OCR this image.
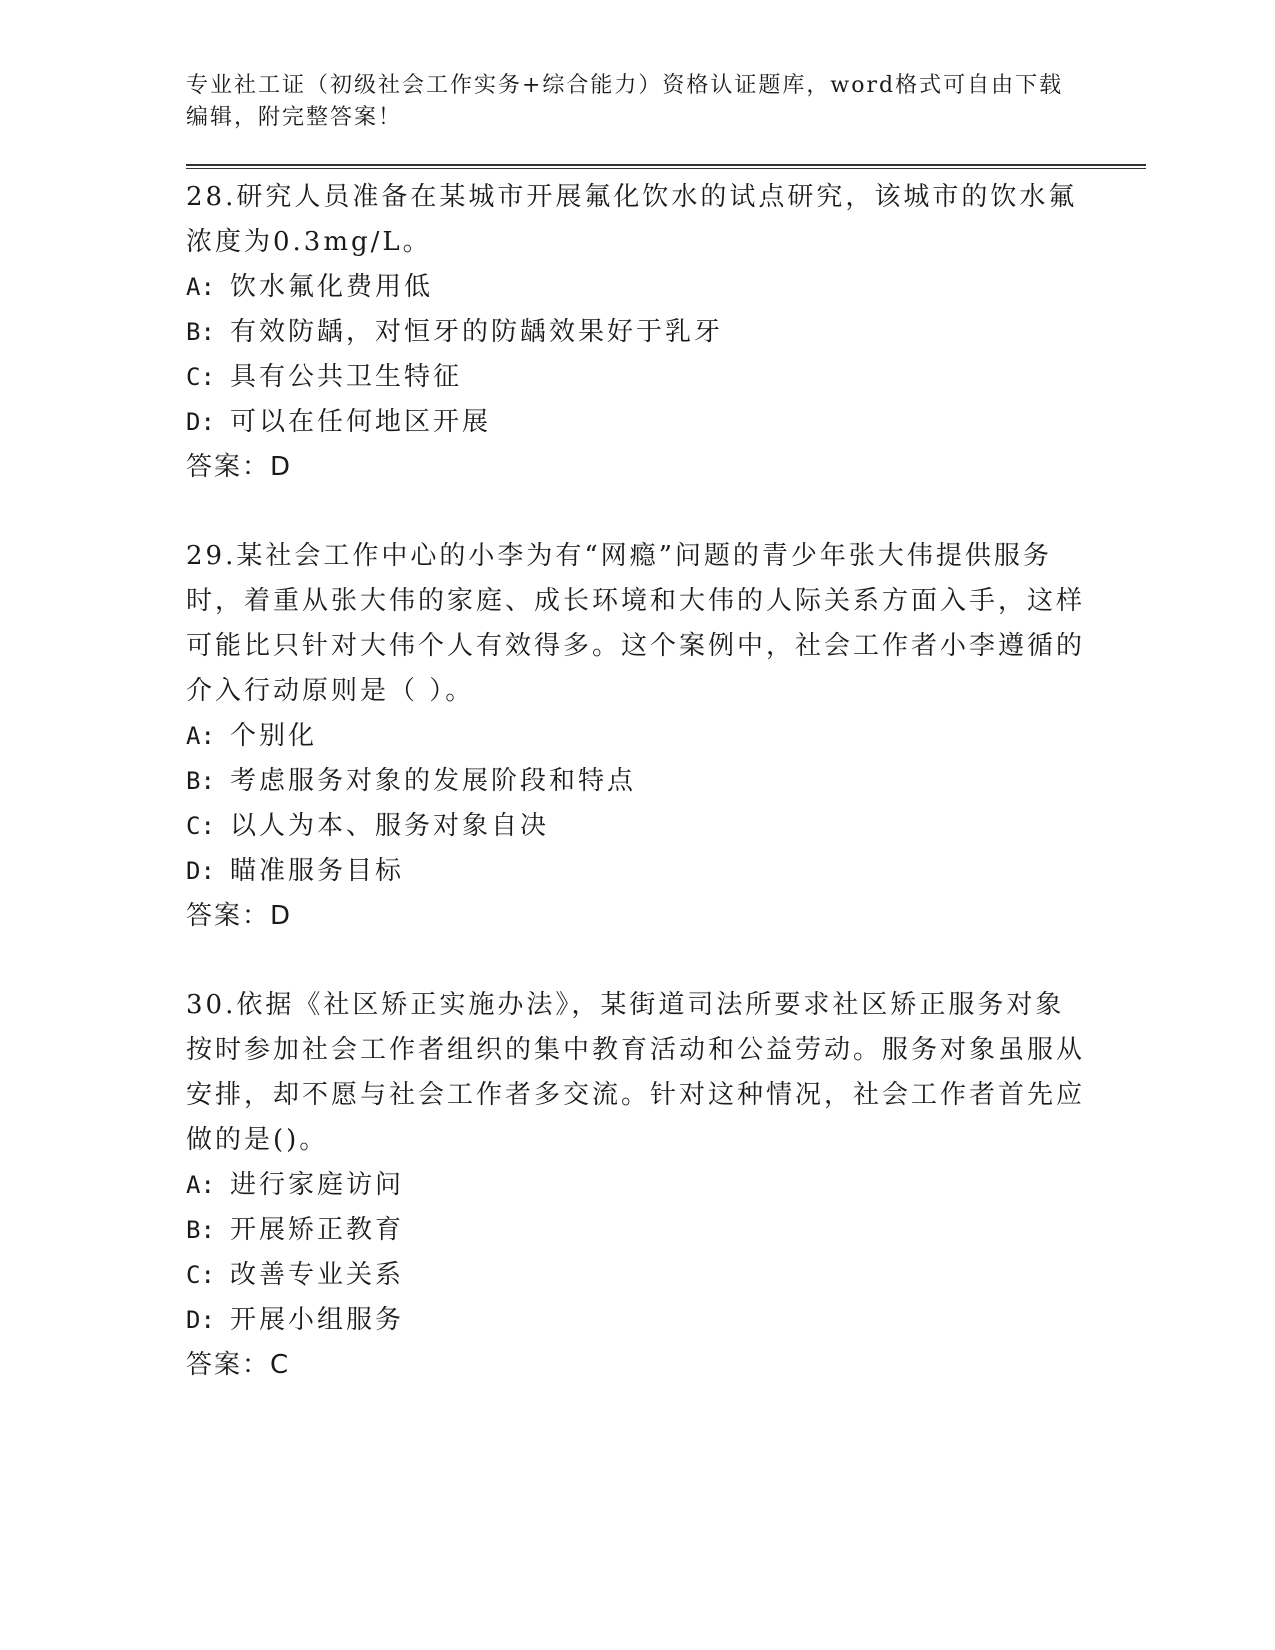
专业社工证（初级社会工作实务+综合能力）资格认证题库，word格式可自由下载编辑，附完整答案！
28.研究人员准备在某城市开展氟化饮水的试点研究，该城市的饮水氟浓度为0.3mg/L。
A: 饮水氟化费用低
B: 有效防龋，对恒牙的防龋效果好于乳牙
C: 具有公共卫生特征
D: 可以在任何地区开展
答案：D
29.某社会工作中心的小李为有“网瘾”问题的青少年张大伟提供服务时，着重从张大伟的家庭、成长环境和大伟的人际关系方面入手，这样可能比只针对大伟个人有效得多。这个案例中，社会工作者小李遵循的介入行动原则是（ ）。
A: 个别化
B: 考虑服务对象的发展阶段和特点
C: 以人为本、服务对象自决
D: 瞄准服务目标
答案：D
30.依据《社区矫正实施办法》，某街道司法所要求社区矫正服务对象按时参加社会工作者组织的集中教育活动和公益劳动。服务对象虽服从安排，却不愿与社会工作者多交流。针对这种情况，社会工作者首先应做的是()。
A: 进行家庭访问
B: 开展矫正教育
C: 改善专业关系
D: 开展小组服务
答案：C
